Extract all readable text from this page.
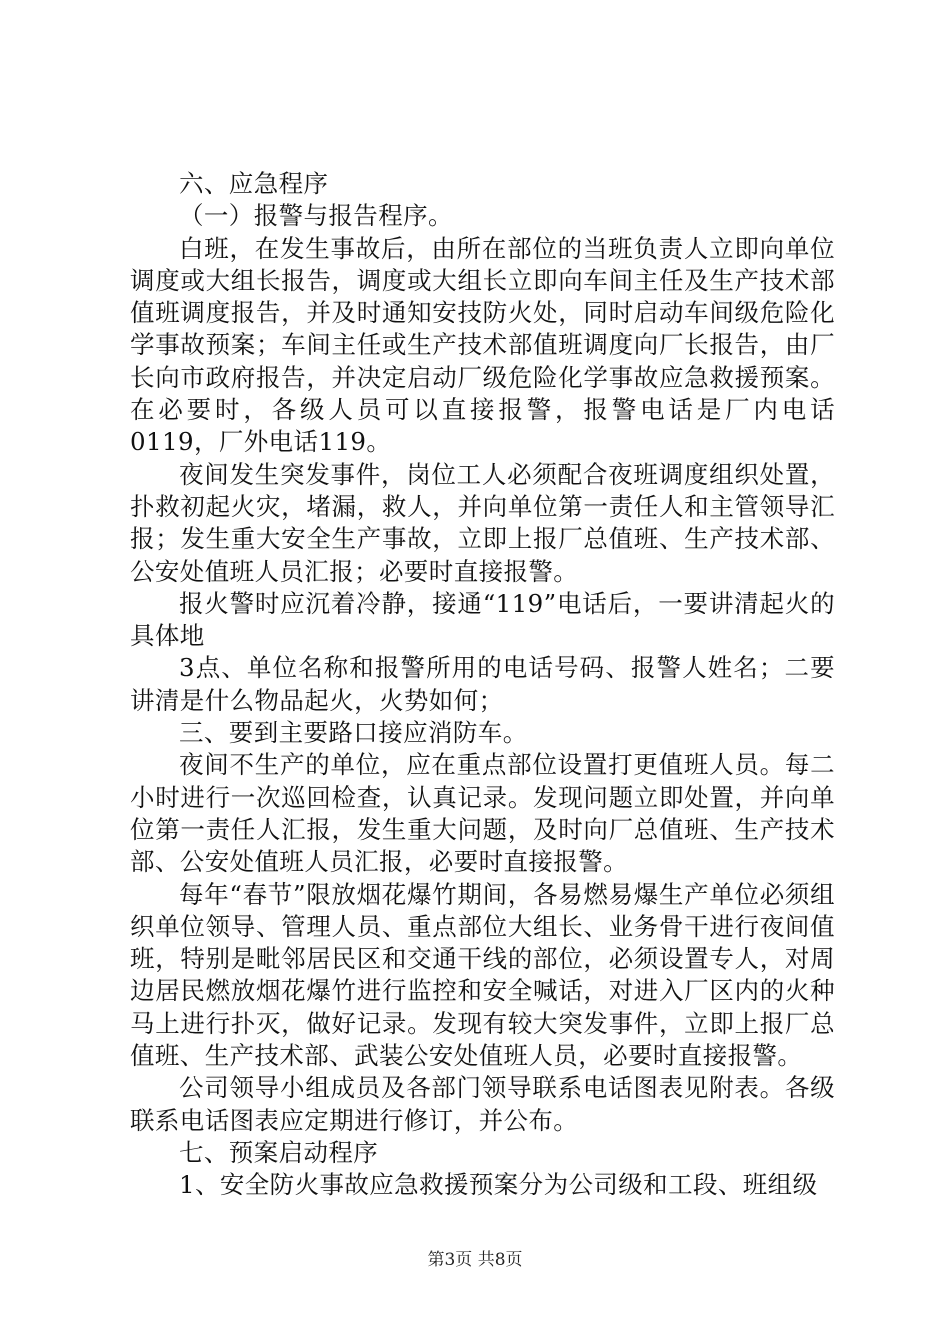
六、应急程序

（一）报警与报告程序。

白班，在发生事故后，由所在部位的当班负责人立即向单位调度或大组长报告，调度或大组长立即向车间主任及生产技术部值班调度报告，并及时通知安技防火处，同时启动车间级危险化学事故预案；车间主任或生产技术部值班调度向厂长报告，由厂长向市政府报告，并决定启动厂级危险化学事故应急救援预案。在必要时，各级人员可以直接报警，报警电话是厂内电话0119，厂外电话119。

夜间发生突发事件，岗位工人必须配合夜班调度组织处置，扑救初起火灾，堵漏，救人，并向单位第一责任人和主管领导汇报；发生重大安全生产事故，立即上报厂总值班、生产技术部、公安处值班人员汇报；必要时直接报警。

报火警时应沉着冷静，接通“119”电话后，一要讲清起火的具体地

3点、单位名称和报警所用的电话号码、报警人姓名；二要讲清是什么物品起火，火势如何；

三、要到主要路口接应消防车。

夜间不生产的单位，应在重点部位设置打更值班人员。每二小时进行一次巡回检查，认真记录。发现问题立即处置，并向单位第一责任人汇报，发生重大问题，及时向厂总值班、生产技术部、公安处值班人员汇报，必要时直接报警。

每年“春节”限放烟花爆竹期间，各易燃易爆生产单位必须组织单位领导、管理人员、重点部位大组长、业务骨干进行夜间值班，特别是毗邻居民区和交通干线的部位，必须设置专人，对周边居民燃放烟花爆竹进行监控和安全喊话，对进入厂区内的火种马上进行扑灭，做好记录。发现有较大突发事件，立即上报厂总值班、生产技术部、武装公安处值班人员，必要时直接报警。

公司领导小组成员及各部门领导联系电话图表见附表。各级联系电话图表应定期进行修订，并公布。

七、预案启动程序

1、安全防火事故应急救援预案分为公司级和工段、班组级

第3页 共8页
